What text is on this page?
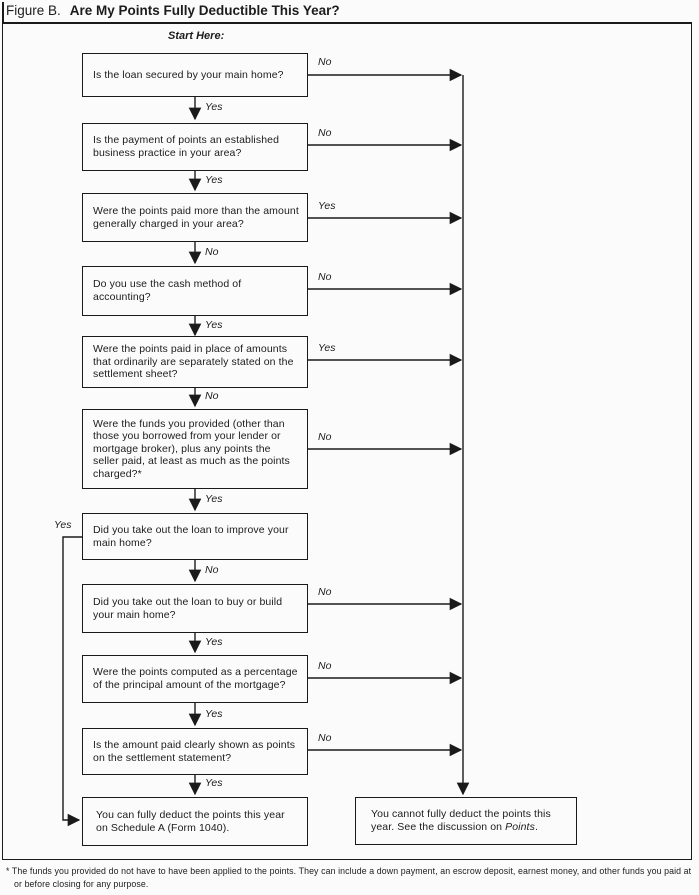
Figure B. Are My Points Fully Deductible This Year?
Start Here:
Is the loan secured by your main home?
Is the payment of points an established business practice in your area?
Were the points paid more than the amount generally charged in your area?
Do you use the cash method of accounting?
Were the points paid in place of amounts that ordinarily are separately stated on the settlement sheet?
Were the funds you provided (other than those you borrowed from your lender or mortgage broker), plus any points the seller paid, at least as much as the points charged?*
Did you take out the loan to improve your main home?
Did you take out the loan to buy or build your main home?
Were the points computed as a percentage of the principal amount of the mortgage?
Is the amount paid clearly shown as points on the settlement statement?
You can fully deduct the points this year on Schedule A (Form 1040).
You cannot fully deduct the points this year. See the discussion on Points.
No
No
Yes
No
Yes
No
Yes
No
No
No
Yes
Yes
No
Yes
No
Yes
No
Yes
Yes
Yes
* The funds you provided do not have to have been applied to the points. They can include a down payment, an escrow deposit, earnest money, and other funds you paid at or before closing for any purpose.
